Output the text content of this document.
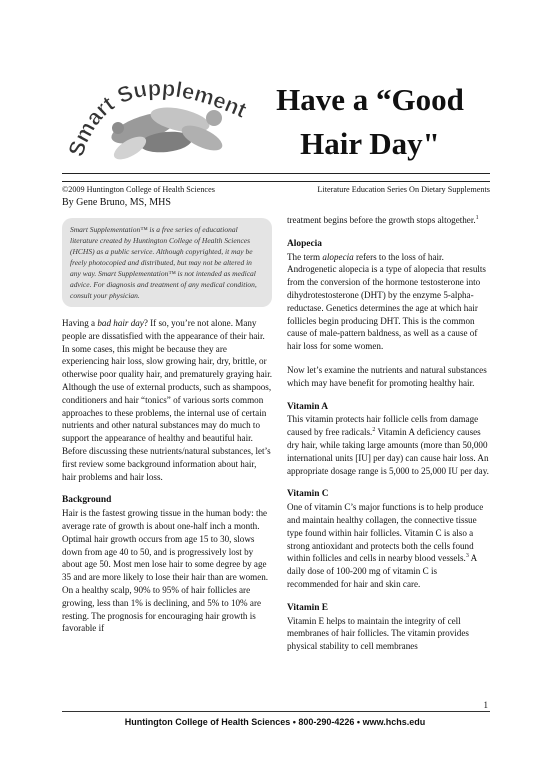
Smart Supplement Have a “Good
Hair Day"
©2009 Huntington College of Health Sciences	Literature Education Series On Dietary Supplements
By Gene Bruno, MS, MHS
Smart Supplementation™ is a free series of educational literature created by Huntington College of Health Sciences (HCHS) as a public service. Although copyrighted, it may be freely photocopied and distributed, but may not be altered in any way. Smart Supplementation™ is not intended as medical advice. For diagnosis and treatment of any medical condition, consult your physician.

Having a bad hair day? If so, you’re not alone. Many people are dissatisfied with the appearance of their hair. In some cases, this might be because they are experiencing hair loss, slow growing hair, dry, brittle, or otherwise poor quality hair, and prematurely graying hair. Although the use of external products, such as shampoos, conditioners and hair “tonics” of various sorts common approaches to these problems, the internal use of certain nutrients and other natural substances may do much to support the appearance of healthy and beautiful hair. Before discussing these nutrients/natural substances, let’s first review some background information about hair, hair problems and hair loss.

Background

Hair is the fastest growing tissue in the human body: the average rate of growth is about one-half inch a month. Optimal hair growth occurs from age 15 to 30, slows down from age 40 to 50, and is progressively lost by about age 50. Most men lose hair to some degree by age 35 and are more likely to lose their hair than are women. On a healthy scalp, 90% to 95% of hair follicles are growing, less than 1% is declining, and 5% to 10% are resting. The prognosis for encouraging hair growth is favorable if

treatment begins before the growth stops altogether.$^1$

Alopecia

The term alopecia refers to the loss of hair. Androgenetic alopecia is a type of alopecia that results from the conversion of the hormone testosterone into dihydrotestosterone (DHT) by the enzyme 5-alpha-reductase. Genetics determines the age at which hair follicles begin producing DHT. This is the common cause of male-pattern baldness, as well as a cause of hair loss for some women.

Now let’s examine the nutrients and natural substances which may have benefit for promoting healthy hair.

Vitamin A

This vitamin protects hair follicle cells from damage caused by free radicals.$^2$ Vitamin A deficiency causes dry hair, while taking large amounts (more than 50,000 international units [IU] per day) can cause hair loss. An appropriate dosage range is 5,000 to 25,000 IU per day.

Vitamin C

One of vitamin C’s major functions is to help produce and maintain healthy collagen, the connective tissue type found within hair follicles. Vitamin C is also a strong antioxidant and protects both the cells found within follicles and cells in nearby blood vessels.$^3$ A daily dose of 100-200 mg of vitamin C is recommended for hair and skin care.

Vitamin E

Vitamin E helps to maintain the integrity of cell membranes of hair follicles. The vitamin provides physical stability to cell membranes

1
Huntington College of Health Sciences • 800-290-4226 • www.hchs.edu
